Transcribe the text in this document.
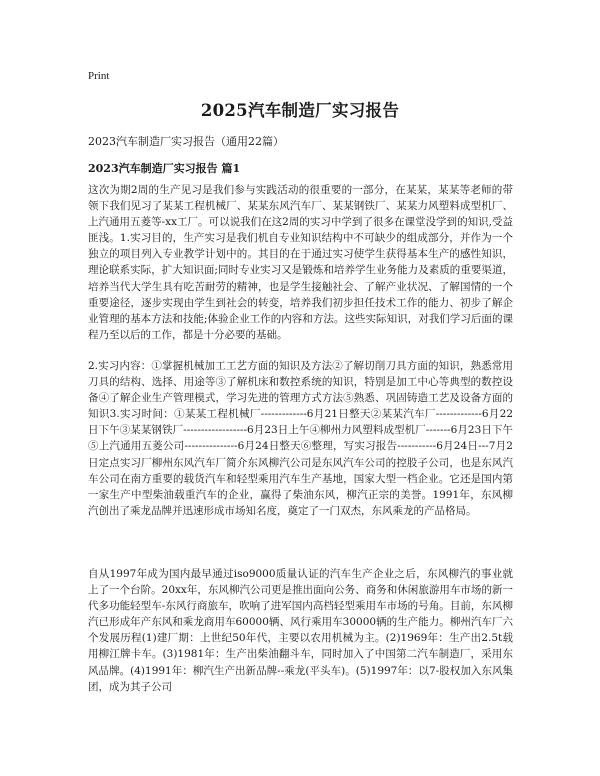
Print
2025汽车制造厂实习报告
2023汽车制造厂实习报告（通用22篇）
2023汽车制造厂实习报告 篇1

这次为期2周的生产见习是我们参与实践活动的很重要的一部分，在某某，某某等老师的带领下我们见习了某某工程机械厂、某某东风汽车厂、某某钢铁厂、某某力风塑料成型机厂、上汽通用五菱等-xx工厂。可以说我们在这2周的实习中学到了很多在课堂没学到的知识,受益匪浅。1.实习目的，生产实习是我们机自专业知识结构中不可缺少的组成部分，并作为一个独立的项目列入专业教学计划中的。其目的在于通过实习使学生获得基本生产的感性知识，理论联系实际，扩大知识面;同时专业实习又是锻炼和培养学生业务能力及素质的重要渠道，培养当代大学生具有吃苦耐劳的精神，也是学生接触社会、了解产业状况、了解国情的一个重要途径，逐步实现由学生到社会的转变，培养我们初步担任技术工作的能力、初步了解企业管理的基本方法和技能;体验企业工作的内容和方法。这些实际知识，对我们学习后面的课程乃至以后的工作，都是十分必要的基础。

2.实习内容：①掌握机械加工工艺方面的知识及方法②了解切削刀具方面的知识，熟悉常用刀具的结构、选择、用途等③了解机床和数控系统的知识，特别是加工中心等典型的数控设备④了解企业生产管理模式，学习先进的管理方式方法⑤熟悉、巩固铸造工艺及设备方面的知识3.实习时间：①某某工程机械厂-------------6月21日整天②某某汽车厂-------------6月22日下午③某某钢铁厂------------------6月23日上午④柳州力风塑料成型机厂-------6月23日下午⑤上汽通用五菱公司---------------6月24日整天⑥整理，写实习报告-----------6月24日---7月2日定点实习厂柳州东风汽车厂简介东风柳汽公司是东风汽车公司的控股子公司，也是东风汽车公司在南方重要的载货汽车和轻型乘用汽车生产基地，国家大型一档企业。它还是国内第一家生产中型柴油载重汽车的企业，赢得了柴油东风，柳汽正宗的美誉。1991年，东风柳汽创出了乘龙品牌并迅速形成市场知名度，奠定了一门双杰，东风乘龙的产品格局。

自从1997年成为国内最早通过iso9000质量认证的汽车生产企业之后，东风柳汽的事业就上了一个台阶。20xx年，东风柳汽公司更是推出面向公务、商务和休闲旅游用车市场的新一代多功能轻型车-东风行商旅车，吹响了进军国内高档轻型乘用车市场的号角。目前，东风柳汽已形成年产东风和乘龙商用车60000辆、风行乘用车30000辆的生产能力。柳州汽车厂六个发展历程(1)建厂期：上世纪50年代，主要以农用机械为主。(2)1969年：生产出2.5t载用柳江牌卡车。(3)1981年：生产出柴油翻斗车，同时加入了中国第二汽车制造厂，采用东风品牌。(4)1991年：柳汽生产出新品牌--乘龙(平头车)。(5)1997年：以7-股权加入东风集团，成为其子公司
